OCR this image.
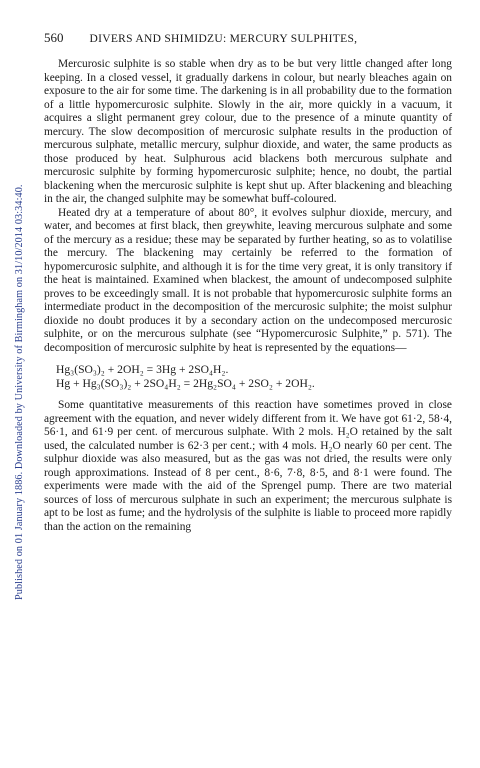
Published on 01 January 1886. Downloaded by University of Birmingham on 31/10/2014 03:34:40.
560 DIVERS AND SHIMIDZU: MERCURY SULPHITES,

Mercurosic sulphite is so stable when dry as to be but very little changed after long keeping. In a closed vessel, it gradually darkens in colour, but nearly bleaches again on exposure to the air for some time. The darkening is in all probability due to the formation of a little hypomercurosic sulphite. Slowly in the air, more quickly in a vacuum, it acquires a slight permanent grey colour, due to the presence of a minute quantity of mercury. The slow decomposition of mercurosic sulphate results in the production of mercurous sulphate, metallic mercury, sulphur dioxide, and water, the same products as those produced by heat. Sulphurous acid blackens both mercurous sulphate and mercurosic sulphite by forming hypomercurosic sulphite; hence, no doubt, the partial blackening when the mercurosic sulphite is kept shut up. After blackening and bleaching in the air, the changed sulphite may be somewhat buff-coloured.

Heated dry at a temperature of about 80°, it evolves sulphur dioxide, mercury, and water, and becomes at first black, then greywhite, leaving mercurous sulphate and some of the mercury as a residue; these may be separated by further heating, so as to volatilise the mercury. The blackening may certainly be referred to the formation of hypomercurosic sulphite, and although it is for the time very great, it is only transitory if the heat is maintained. Examined when blackest, the amount of undecomposed sulphite proves to be exceedingly small. It is not probable that hypomercurosic sulphite forms an intermediate product in the decomposition of the mercurosic sulphite; the moist sulphur dioxide no doubt produces it by a secondary action on the undecomposed mercurosic sulphite, or on the mercurous sulphate (see “Hypomercurosic Sulphite,” p. 571). The decomposition of mercurosic sulphite by heat is represented by the equations—

Hg₃(SO₃)₂ + 2OH₂ = 3Hg + 2SO₄H₂.
Hg + Hg₃(SO₃)₂ + 2SO₄H₂ = 2Hg₂SO₄ + 2SO₂ + 2OH₂.

Some quantitative measurements of this reaction have sometimes proved in close agreement with the equation, and never widely different from it. We have got 61·2, 58·4, 56·1, and 61·9 per cent. of mercurous sulphate. With 2 mols. H₂O retained by the salt used, the calculated number is 62·3 per cent.; with 4 mols. H₂O nearly 60 per cent. The sulphur dioxide was also measured, but as the gas was not dried, the results were only rough approximations. Instead of 8 per cent., 8·6, 7·8, 8·5, and 8·1 were found. The experiments were made with the aid of the Sprengel pump. There are two material sources of loss of mercurous sulphate in such an experiment; the mercurous sulphate is apt to be lost as fume; and the hydrolysis of the sulphite is liable to proceed more rapidly than the action on the remaining
